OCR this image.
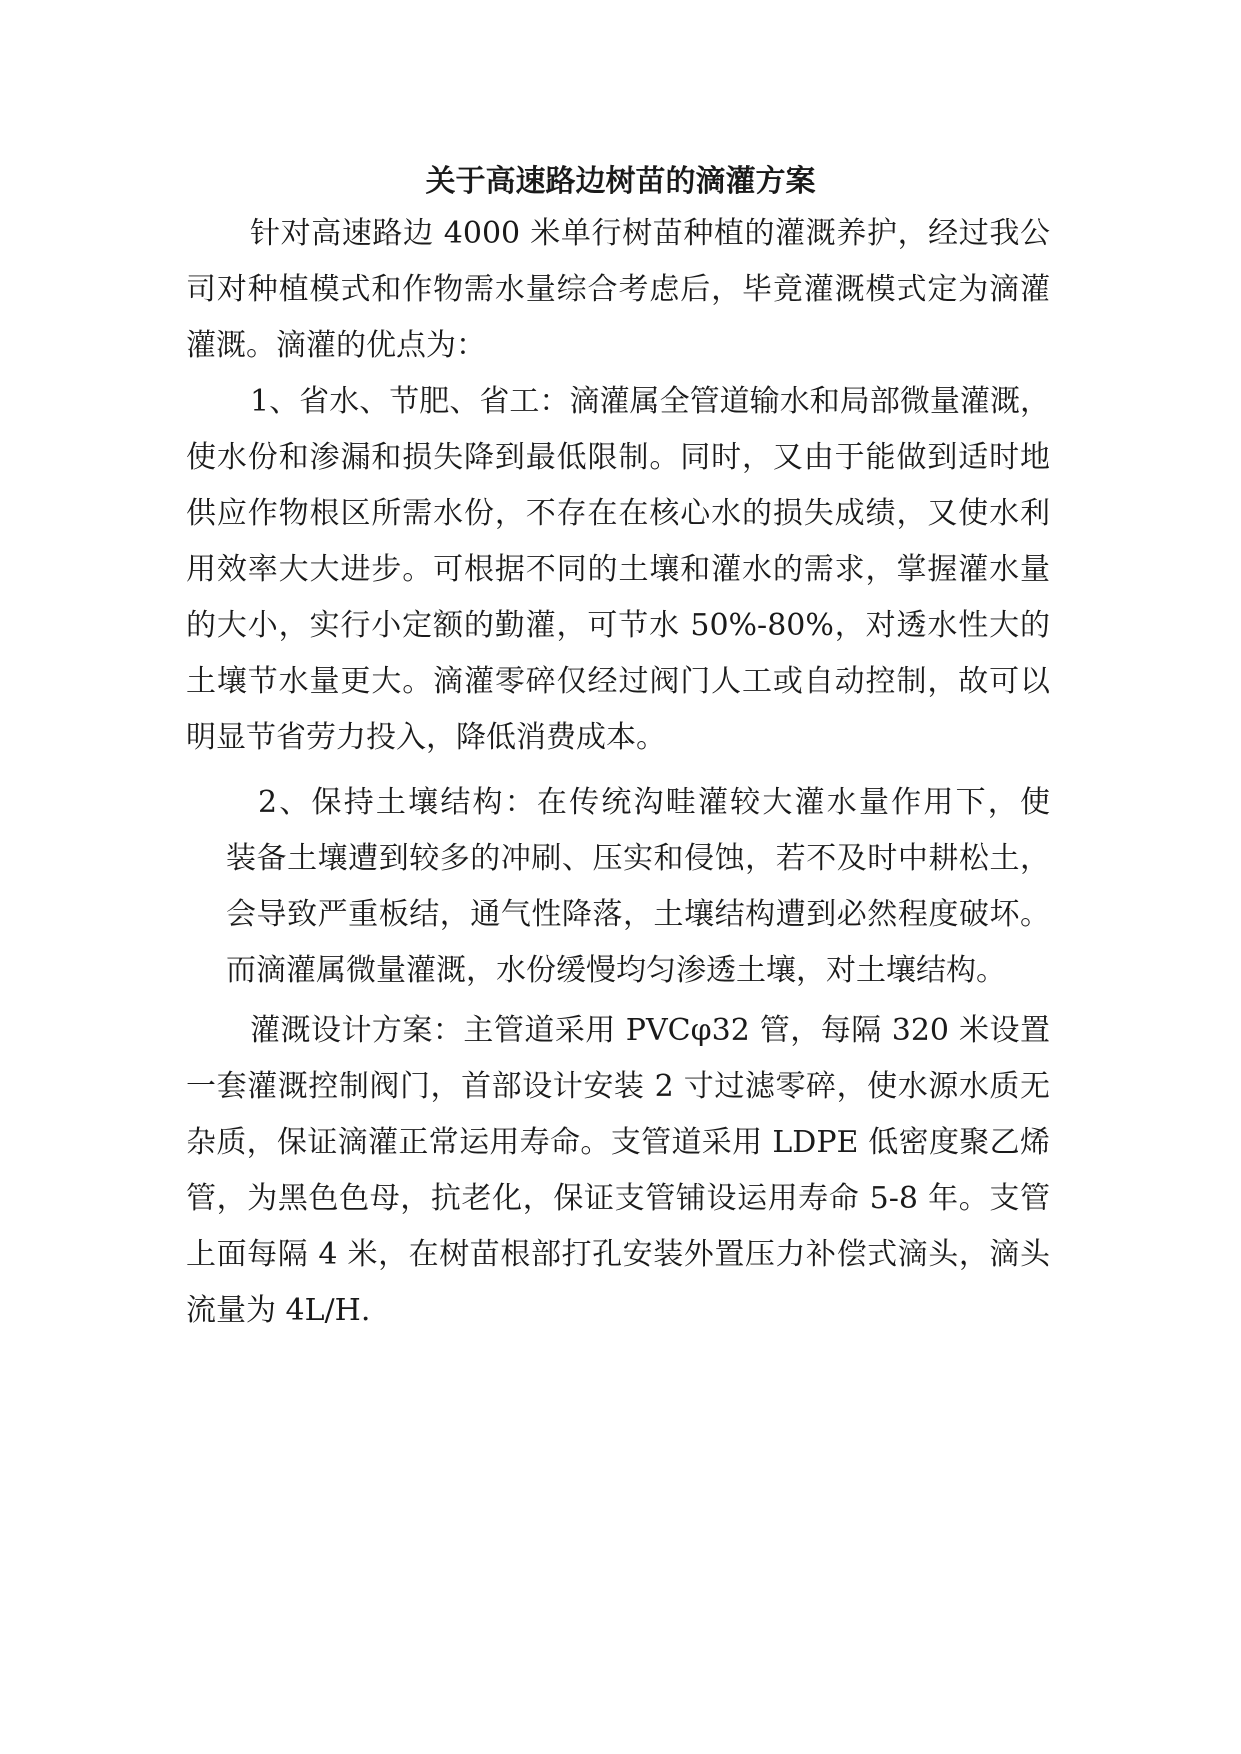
关于高速路边树苗的滴灌方案
针对高速路边 4000 米单行树苗种植的灌溉养护，经过我公
司对种植模式和作物需水量综合考虑后，毕竟灌溉模式定为滴灌
灌溉。滴灌的优点为：
1、省水、节肥、省工：滴灌属全管道输水和局部微量灌溉，
使水份和渗漏和损失降到最低限制。同时，又由于能做到适时地
供应作物根区所需水份，不存在在核心水的损失成绩，又使水利
用效率大大进步。可根据不同的土壤和灌水的需求，掌握灌水量
的大小，实行小定额的勤灌，可节水 50%-80%，对透水性大的
土壤节水量更大。滴灌零碎仅经过阀门人工或自动控制，故可以
明显节省劳力投入，降低消费成本。
2、保持土壤结构：在传统沟畦灌较大灌水量作用下，使
装备土壤遭到较多的冲刷、压实和侵蚀，若不及时中耕松土，
会导致严重板结，通气性降落，土壤结构遭到必然程度破坏。
而滴灌属微量灌溉，水份缓慢均匀渗透土壤，对土壤结构。
灌溉设计方案：主管道采用 PVCφ32 管，每隔 320 米设置
一套灌溉控制阀门，首部设计安装 2 寸过滤零碎，使水源水质无
杂质，保证滴灌正常运用寿命。支管道采用 LDPE 低密度聚乙烯
管，为黑色色母，抗老化，保证支管铺设运用寿命 5-8 年。支管
上面每隔 4 米，在树苗根部打孔安装外置压力补偿式滴头，滴头
流量为 4L/H.
